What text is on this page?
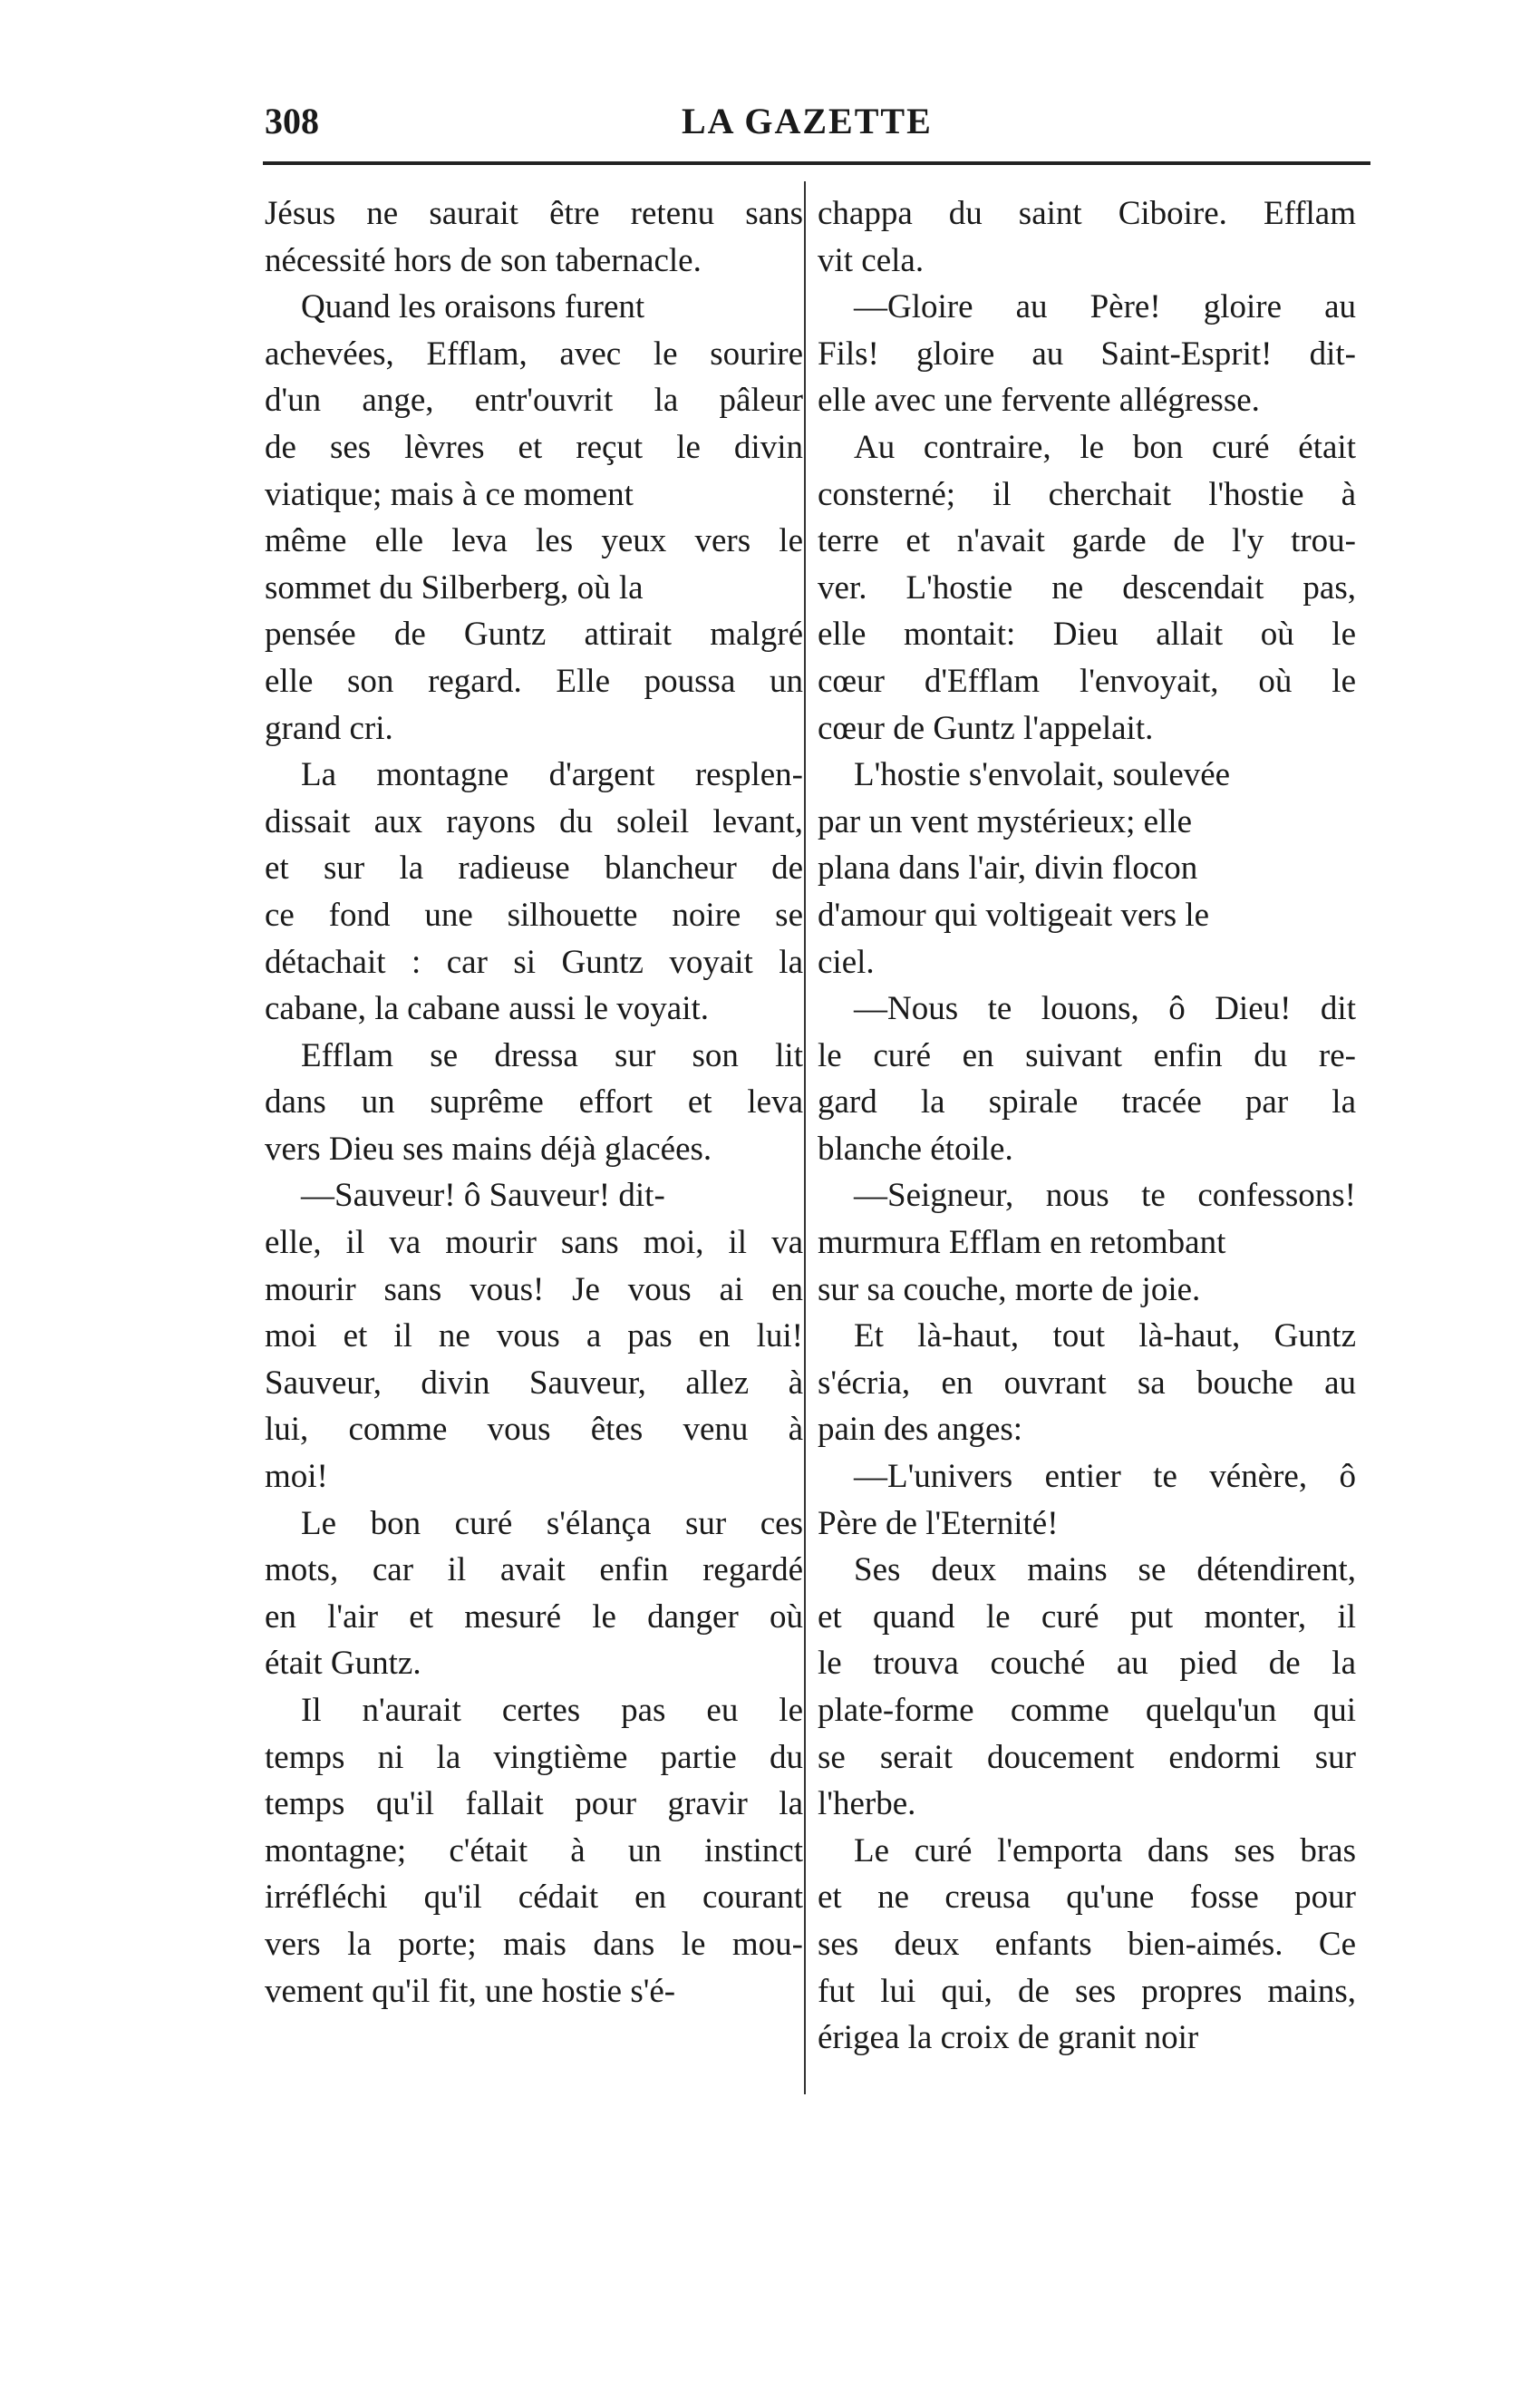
308	LA GAZETTE
Jésus ne saurait être retenu sans
nécessité hors de son tabernacle.
Quand les oraisons furent
achevées, Efflam, avec le sourire
d'un ange, entr'ouvrit la pâleur
de ses lèvres et reçut le divin
viatique; mais à ce moment
même elle leva les yeux vers le
sommet du Silberberg, où la
pensée de Guntz attirait malgré
elle son regard. Elle poussa un
grand cri.
La montagne d'argent resplen-
dissait aux rayons du soleil levant,
et sur la radieuse blancheur de
ce fond une silhouette noire se
détachait : car si Guntz voyait la
cabane, la cabane aussi le voyait.
Efflam se dressa sur son lit
dans un suprême effort et leva
vers Dieu ses mains déjà glacées.
—Sauveur! ô Sauveur! dit-
elle, il va mourir sans moi, il va
mourir sans vous! Je vous ai en
moi et il ne vous a pas en lui!
Sauveur, divin Sauveur, allez à
lui, comme vous êtes venu à
moi!
Le bon curé s'élança sur ces
mots, car il avait enfin regardé
en l'air et mesuré le danger où
était Guntz.
Il n'aurait certes pas eu le
temps ni la vingtième partie du
temps qu'il fallait pour gravir la
montagne; c'était à un instinct
irréfléchi qu'il cédait en courant
vers la porte; mais dans le mou-
vement qu'il fit, une hostie s'é-
chappa du saint Ciboire. Efflam
vit cela.
—Gloire au Père! gloire au
Fils! gloire au Saint-Esprit! dit-
elle avec une fervente allégresse.
Au contraire, le bon curé était
consterné; il cherchait l'hostie à
terre et n'avait garde de l'y trou-
ver. L'hostie ne descendait pas,
elle montait: Dieu allait où le
cœur d'Efflam l'envoyait, où le
cœur de Guntz l'appelait.
L'hostie s'envolait, soulevée
par un vent mystérieux; elle
plana dans l'air, divin flocon
d'amour qui voltigeait vers le
ciel.
—Nous te louons, ô Dieu! dit
le curé en suivant enfin du re-
gard la spirale tracée par la
blanche étoile.
—Seigneur, nous te confessons!
murmura Efflam en retombant
sur sa couche, morte de joie.
Et là-haut, tout là-haut, Guntz
s'écria, en ouvrant sa bouche au
pain des anges:
—L'univers entier te vénère, ô
Père de l'Eternité!
Ses deux mains se détendirent,
et quand le curé put monter, il
le trouva couché au pied de la
plate-forme comme quelqu'un qui
se serait doucement endormi sur
l'herbe.
Le curé l'emporta dans ses bras
et ne creusa qu'une fosse pour
ses deux enfants bien-aimés. Ce
fut lui qui, de ses propres mains,
érigea la croix de granit noir
